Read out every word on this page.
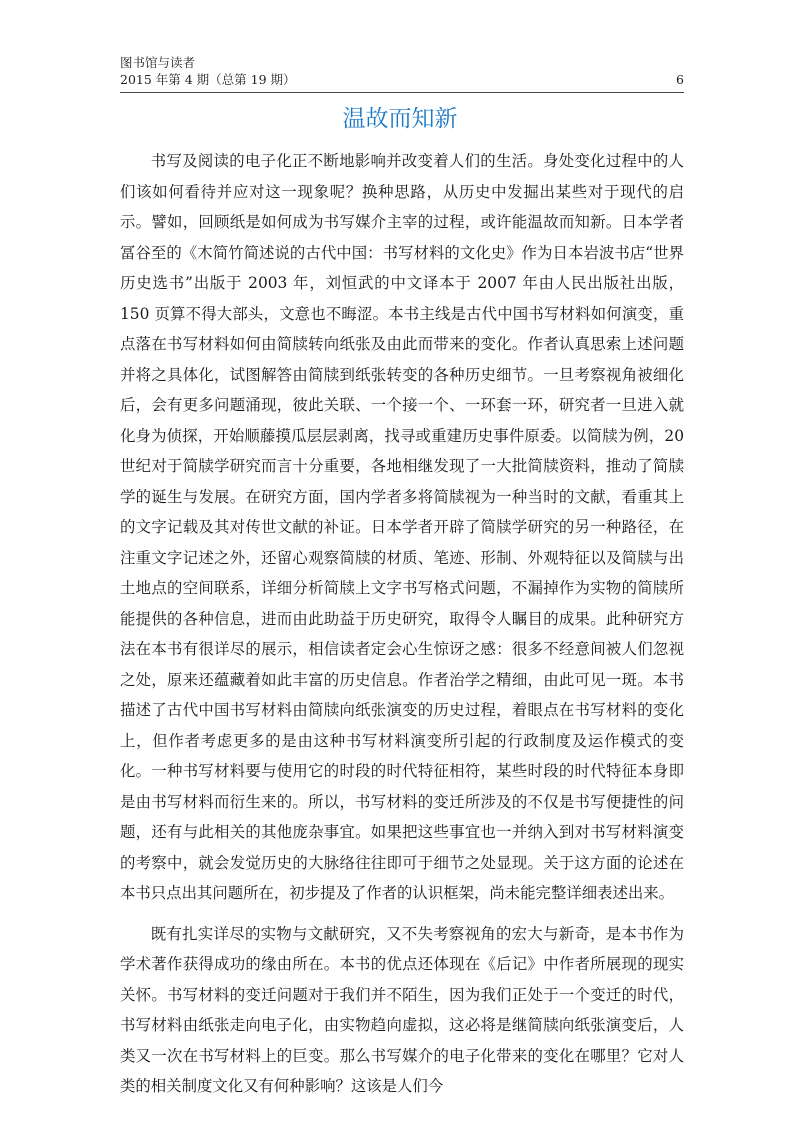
图书馆与读者
2015 年第 4 期（总第 19 期）	6
温故而知新

书写及阅读的电子化正不断地影响并改变着人们的生活。身处变化过程中的人们该如何看待并应对这一现象呢？换种思路，从历史中发掘出某些对于现代的启示。譬如，回顾纸是如何成为书写媒介主宰的过程，或许能温故而知新。日本学者冨谷至的《木简竹简述说的古代中国：书写材料的文化史》作为日本岩波书店“世界历史选书”出版于 2003 年，刘恒武的中文译本于 2007 年由人民出版社出版，150 页算不得大部头，文意也不晦涩。本书主线是古代中国书写材料如何演变，重点落在书写材料如何由简牍转向纸张及由此而带来的变化。作者认真思索上述问题并将之具体化，试图解答由简牍到纸张转变的各种历史细节。一旦考察视角被细化后，会有更多问题涌现，彼此关联、一个接一个、一环套一环，研究者一旦进入就化身为侦探，开始顺藤摸瓜层层剥离，找寻或重建历史事件原委。以简牍为例，20 世纪对于简牍学研究而言十分重要，各地相继发现了一大批简牍资料，推动了简牍学的诞生与发展。在研究方面，国内学者多将简牍视为一种当时的文献，看重其上的文字记载及其对传世文献的补证。日本学者开辟了简牍学研究的另一种路径，在注重文字记述之外，还留心观察简牍的材质、笔迹、形制、外观特征以及简牍与出土地点的空间联系，详细分析简牍上文字书写格式问题，不漏掉作为实物的简牍所能提供的各种信息，进而由此助益于历史研究，取得令人瞩目的成果。此种研究方法在本书有很详尽的展示，相信读者定会心生惊讶之感：很多不经意间被人们忽视之处，原来还蕴藏着如此丰富的历史信息。作者治学之精细，由此可见一斑。本书描述了古代中国书写材料由简牍向纸张演变的历史过程，着眼点在书写材料的变化上，但作者考虑更多的是由这种书写材料演变所引起的行政制度及运作模式的变化。一种书写材料要与使用它的时段的时代特征相符，某些时段的时代特征本身即是由书写材料而衍生来的。所以，书写材料的变迁所涉及的不仅是书写便捷性的问题，还有与此相关的其他庞杂事宜。如果把这些事宜也一并纳入到对书写材料演变的考察中，就会发觉历史的大脉络往往即可于细节之处显现。关于这方面的论述在本书只点出其问题所在，初步提及了作者的认识框架，尚未能完整详细表述出来。

既有扎实详尽的实物与文献研究，又不失考察视角的宏大与新奇，是本书作为学术著作获得成功的缘由所在。本书的优点还体现在《后记》中作者所展现的现实关怀。书写材料的变迁问题对于我们并不陌生，因为我们正处于一个变迁的时代，书写材料由纸张走向电子化，由实物趋向虚拟，这必将是继简牍向纸张演变后，人类又一次在书写材料上的巨变。那么书写媒介的电子化带来的变化在哪里？它对人类的相关制度文化又有何种影响？这该是人们今
